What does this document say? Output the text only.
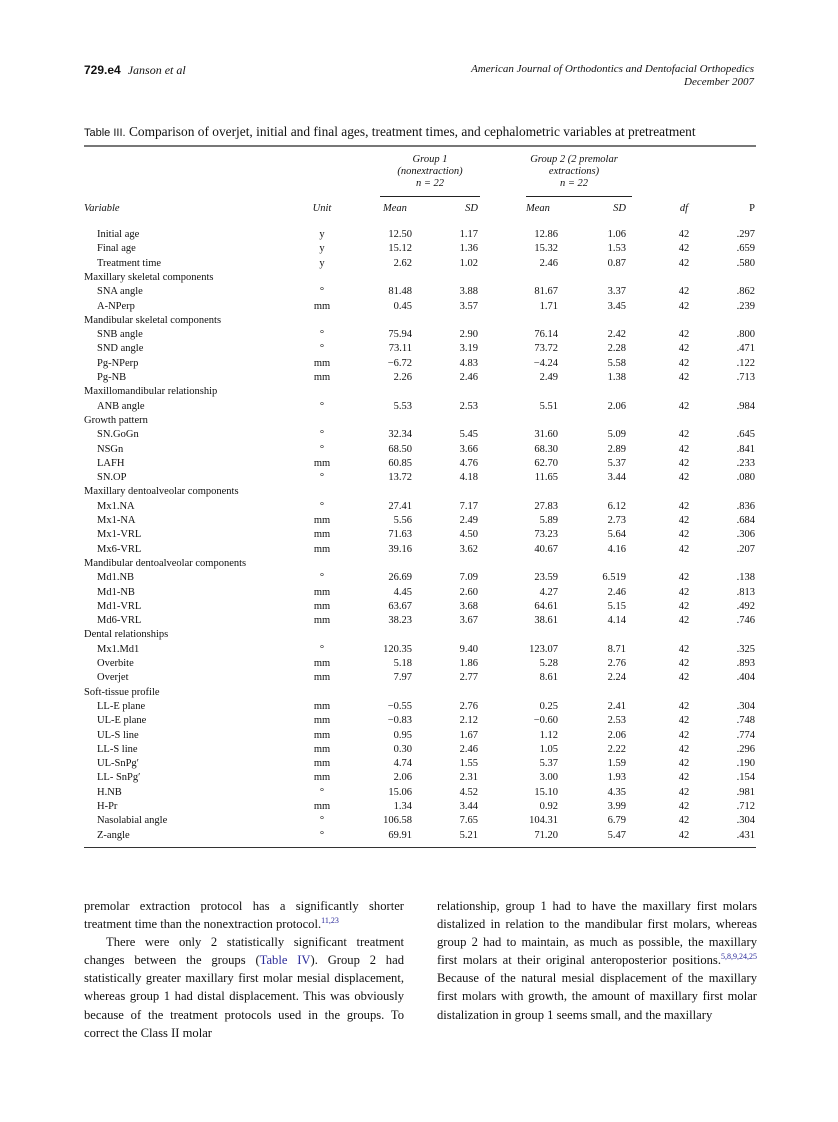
729.e4 Janson et al	American Journal of Orthodontics and Dentofacial Orthopedics
December 2007
Table III. Comparison of overjet, initial and final ages, treatment times, and cephalometric variables at pretreatment
Group 1
(nonextraction)
n = 22
Group 2 (2 premolar
extractions)
n = 22
Variable	Unit	Mean	SD	Mean	SD	df	P
Initial age	y	12.50	1.17	12.86	1.06	42	.297
Final age	y	15.12	1.36	15.32	1.53	42	.659
Treatment time	y	2.62	1.02	2.46	0.87	42	.580
Maxillary skeletal components
SNA angle	°	81.48	3.88	81.67	3.37	42	.862
A-NPerp	mm	0.45	3.57	1.71	3.45	42	.239
Mandibular skeletal components
SNB angle	°	75.94	2.90	76.14	2.42	42	.800
SND angle	°	73.11	3.19	73.72	2.28	42	.471
Pg-NPerp	mm	−6.72	4.83	−4.24	5.58	42	.122
Pg-NB	mm	2.26	2.46	2.49	1.38	42	.713
Maxillomandibular relationship
ANB angle	°	5.53	2.53	5.51	2.06	42	.984
Growth pattern
SN.GoGn	°	32.34	5.45	31.60	5.09	42	.645
NSGn	°	68.50	3.66	68.30	2.89	42	.841
LAFH	mm	60.85	4.76	62.70	5.37	42	.233
SN.OP	°	13.72	4.18	11.65	3.44	42	.080
Maxillary dentoalveolar components
Mx1.NA	°	27.41	7.17	27.83	6.12	42	.836
Mx1-NA	mm	5.56	2.49	5.89	2.73	42	.684
Mx1-VRL	mm	71.63	4.50	73.23	5.64	42	.306
Mx6-VRL	mm	39.16	3.62	40.67	4.16	42	.207
Mandibular dentoalveolar components
Md1.NB	°	26.69	7.09	23.59	6.519	42	.138
Md1-NB	mm	4.45	2.60	4.27	2.46	42	.813
Md1-VRL	mm	63.67	3.68	64.61	5.15	42	.492
Md6-VRL	mm	38.23	3.67	38.61	4.14	42	.746
Dental relationships
Mx1.Md1	°	120.35	9.40	123.07	8.71	42	.325
Overbite	mm	5.18	1.86	5.28	2.76	42	.893
Overjet	mm	7.97	2.77	8.61	2.24	42	.404
Soft-tissue profile
LL-E plane	mm	−0.55	2.76	0.25	2.41	42	.304
UL-E plane	mm	−0.83	2.12	−0.60	2.53	42	.748
UL-S line	mm	0.95	1.67	1.12	2.06	42	.774
LL-S line	mm	0.30	2.46	1.05	2.22	42	.296
UL-SnPg′	mm	4.74	1.55	5.37	1.59	42	.190
LL- SnPg′	mm	2.06	2.31	3.00	1.93	42	.154
H.NB	°	15.06	4.52	15.10	4.35	42	.981
H-Pr	mm	1.34	3.44	0.92	3.99	42	.712
Nasolabial angle	°	106.58	7.65	104.31	6.79	42	.304
Z-angle	°	69.91	5.21	71.20	5.47	42	.431

premolar extraction protocol has a significantly shorter treatment time than the nonextraction protocol.$^{11,23}$

There were only 2 statistically significant treatment changes between the groups (Table IV). Group 2 had statistically greater maxillary first molar mesial displacement, whereas group 1 had distal displacement. This was obviously because of the treatment protocols used in the groups. To correct the Class II molar

relationship, group 1 had to have the maxillary first molars distalized in relation to the mandibular first molars, whereas group 2 had to maintain, as much as possible, the maxillary first molars at their original anteroposterior positions.$^{5,8,9,24,25}$ Because of the natural mesial displacement of the maxillary first molars with growth, the amount of maxillary first molar distalization in group 1 seems small, and the maxillary
